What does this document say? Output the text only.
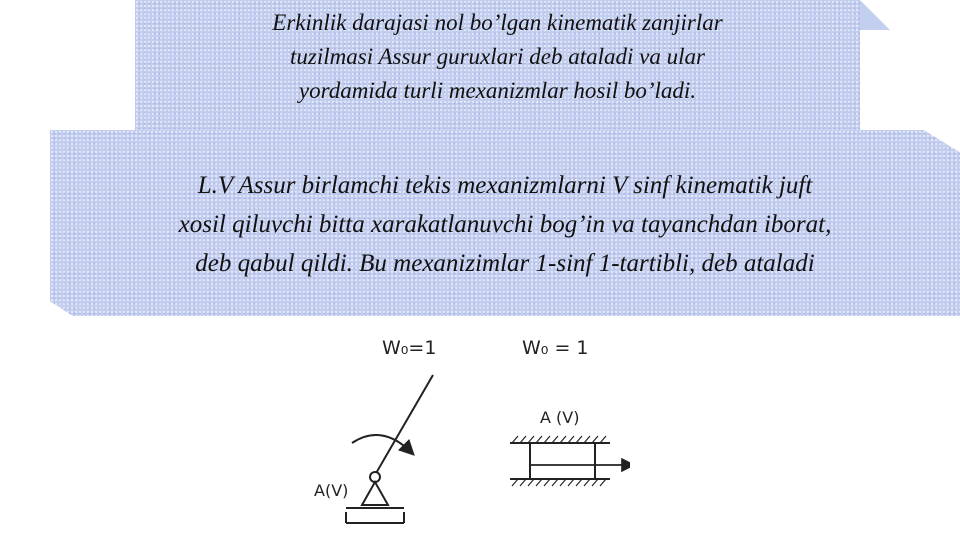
Erkinlik darajasi nol bo’lgan kinematik zanjirlar
tuzilmasi Assur guruxlari deb ataladi va ular
yordamida turli mexanizmlar hosil bo’ladi.
L.V Assur birlamchi tekis mexanizmlarni V sinf kinematik juft
xosil qiluvchi bitta xarakatlanuvchi bog’in va tayanchdan iborat,
deb qabul qildi. Bu mexanizimlar 1-sinf 1-tartibli, deb ataladi
W₀=1	W₀ = 1
A(V)
A (V)
